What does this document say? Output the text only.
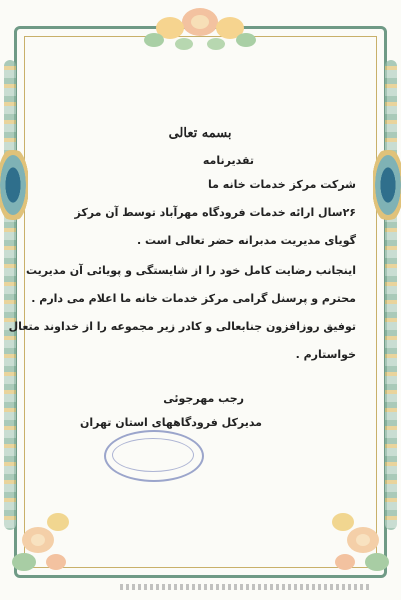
بسمه تعالی
تقدیرنامه
شرکت مرکز خدمات خانه ما
۲۶سال ارائه خدمات فرودگاه مهرآباد توسط آن مرکز
گویای مدیریت مدبرانه حضر تعالی است .
اینجانب رضایت کامل خود را از شایستگی و پویائی آن مدیریت
محترم و پرسنل گرامی مرکز خدمات خانه ما اعلام می دارم .
توفیق روزافزون جنابعالی و کادر زیر مجموعه را از خداوند متعال
خواستارم .
رجب مهرجوئی
مدیرکل فرودگاههای استان تهران
